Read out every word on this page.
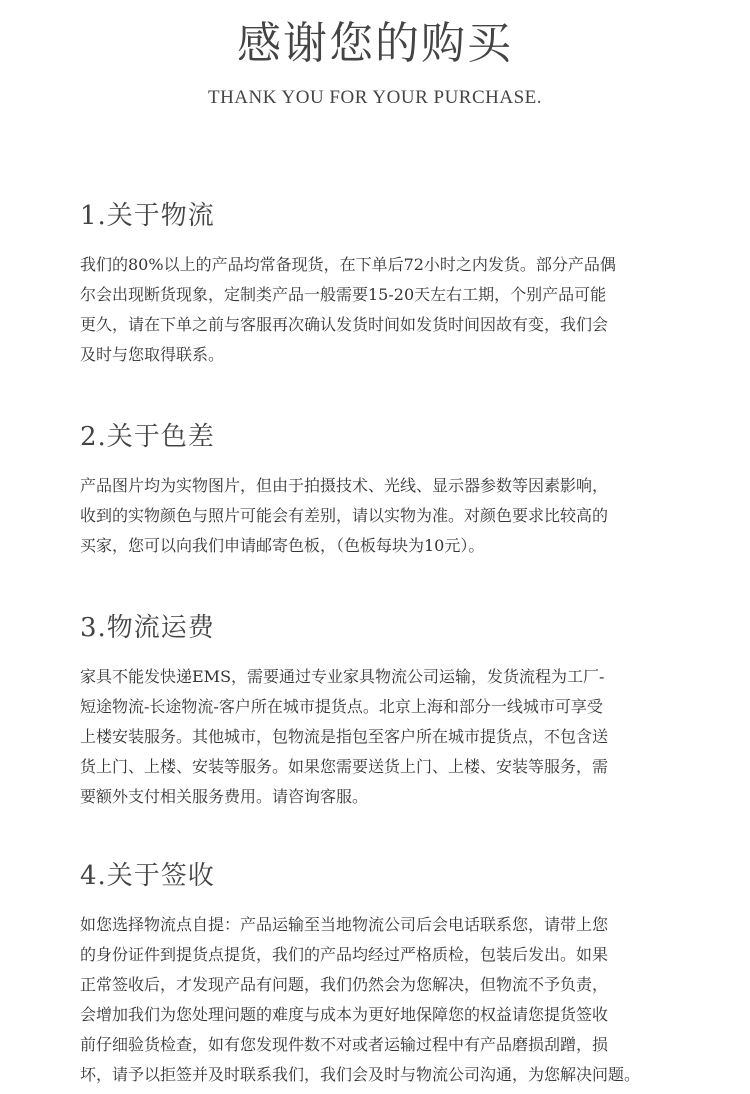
感谢您的购买
THANK YOU FOR YOUR PURCHASE.
1.关于物流
我们的80%以上的产品均常备现货，在下单后72小时之内发货。部分产品偶
尔会出现断货现象，定制类产品一般需要15-20天左右工期，个别产品可能
更久，请在下单之前与客服再次确认发货时间如发货时间因故有变，我们会
及时与您取得联系。
2.关于色差
产品图片均为实物图片，但由于拍摄技术、光线、显示器参数等因素影响，
收到的实物颜色与照片可能会有差别，请以实物为准。对颜色要求比较高的
买家，您可以向我们申请邮寄色板，（色板每块为10元）。
3.物流运费
家具不能发快递EMS，需要通过专业家具物流公司运输，发货流程为工厂-
短途物流-长途物流-客户所在城市提货点。北京上海和部分一线城市可享受
上楼安装服务。其他城市，包物流是指包至客户所在城市提货点，不包含送
货上门、上楼、安装等服务。如果您需要送货上门、上楼、安装等服务，需
要额外支付相关服务费用。请咨询客服。
4.关于签收
如您选择物流点自提：产品运输至当地物流公司后会电话联系您，请带上您
的身份证件到提货点提货，我们的产品均经过严格质检，包装后发出。如果
正常签收后，才发现产品有问题，我们仍然会为您解决，但物流不予负责，
会增加我们为您处理问题的难度与成本为更好地保障您的权益请您提货签收
前仔细验货检查，如有您发现件数不对或者运输过程中有产品磨损刮蹭，损
坏，请予以拒签并及时联系我们，我们会及时与物流公司沟通，为您解决问题。
